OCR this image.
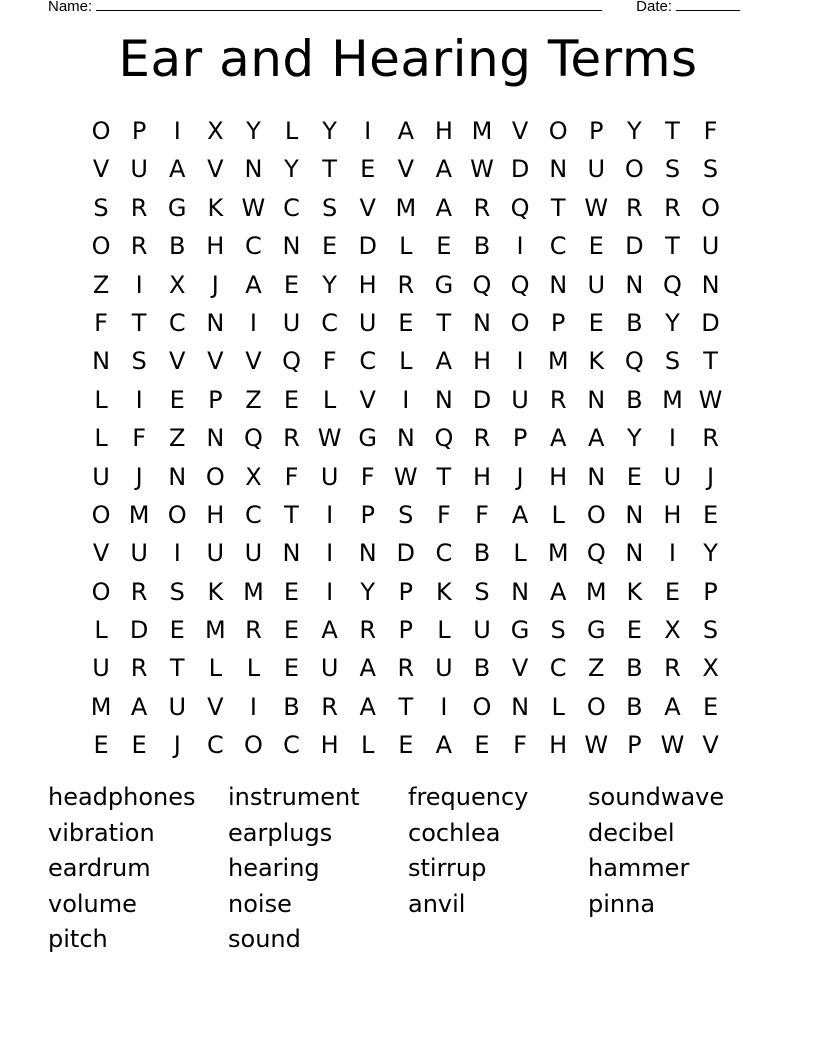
Name:	Date:
Ear and Hearing Terms
O P	I	X Y	L	Y	I	A H M V O P Y T F
V U A V N Y T E V A W D N U O S S
S R G K W C S V M A R Q T W R R O
O R B H C N E D L E B	I	C E D T U
Z	I	X	J	A E Y H R G Q Q N U N Q N
F T C N	I	U C U E T N O P E B Y D
N S V V V Q F C L A H	I	M K Q S T
L	I	E P Z E L V	I	N D U R N B M W
L	F Z N Q R W G N Q R P A A Y	I	R
U	J	N O X F U F W T H	J	H N E U	J
O M O H C T	I	P S F	F A L O N H E
V U	I	U U N	I	N D C B L M Q N	I	Y
O R S K M E	I	Y P K S N A M K E P
L D E M R E A R P	L U G S G E X S
U R T	L	L E U A R U B V C Z B R X
M A U V	I	B R A T	I	O N L O B A E
E E	J	C O C H L E A E F H W P W V
headphones	instrument	frequency	soundwave
vibration	earplugs	cochlea	decibel
eardrum	hearing	stirrup	hammer
volume	noise	anvil	pinna
pitch	sound
